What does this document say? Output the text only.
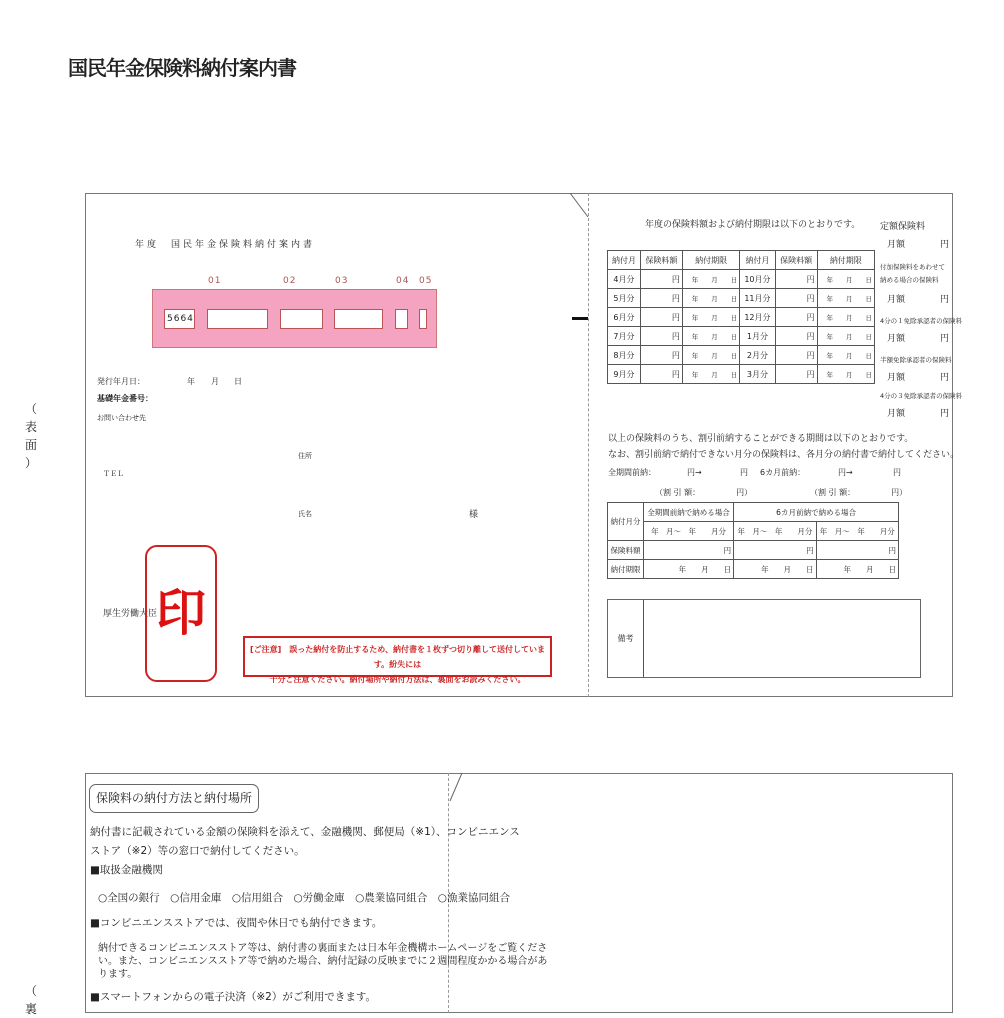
国民年金保険料納付案内書
（
表
面
）
（
裏
年度　国民年金保険料納付案内書
01	02	03	04 05
5664
発行年月日：	年 月 日
基礎年金番号：
お問い合わせ先
住所
ＴＥＬ
氏名	様
厚生労働大臣
印
[ご注意]　誤った納付を防止するため、納付書を１枚ずつ切り離して送付しています。紛失には
十分ご注意ください。納付場所や納付方法は、裏面をお読みください。
年度の保険料額および納付期限は以下のとおりです。
納付月	保険料額	納付期限	納付月	保険料額	納付期限
4月分	円	年　　月　　日	10月分	円	年　　月　　日
5月分	円	年　　月　　日	11月分	円	年　　月　　日
6月分	円	年　　月　　日	12月分	円	年　　月　　日
7月分	円	年　　月　　日	1月分	円	年　　月　　日
8月分	円	年　　月　　日	2月分	円	年　　月　　日
9月分	円	年　　月　　日	3月分	円	年　　月　　日
定額保険料
月額	円
付加保険料をあわせて
納める場合の保険料
月額	円
4分の１免除承認者の保険料
月額	円
半額免除承認者の保険料
月額	円
4分の３免除承認者の保険料
月額	円
以上の保険料のうち、割引前納することができる期間は以下のとおりです。
なお、割引前納で納付できない月分の保険料は、各月分の納付書で納付してください。
全期間前納：	円→	円 6カ月前納：	円→	円
（割 引 額：　　　　　円）	（割 引 額：　　　　　円）
納付月分	全期間前納で納める場合	6カ月前納で納める場合	
	年　月～　年　　月分	年　月～　年　　月分	年　月～　年　　月分
保険料額	円	円	円
納付期限	年　　月　　日	年　　月　　日	年　　月　　日
備考
保険料の納付方法と納付場所
納付書に記載されている金額の保険料を添えて、金融機関、郵便局（※1）、コンビニエンス
ストア（※2）等の窓口で納付してください。
■取扱金融機関
○全国の銀行　○信用金庫　○信用組合　○労働金庫　○農業協同組合　○漁業協同組合
■コンビニエンスストアでは、夜間や休日でも納付できます。
納付できるコンビニエンスストア等は、納付書の裏面または日本年金機構ホームページをご覧くださ
い。また、コンビニエンスストア等で納めた場合、納付記録の反映までに２週間程度かかる場合があ
ります。
■スマートフォンからの電子決済（※2）がご利用できます。
